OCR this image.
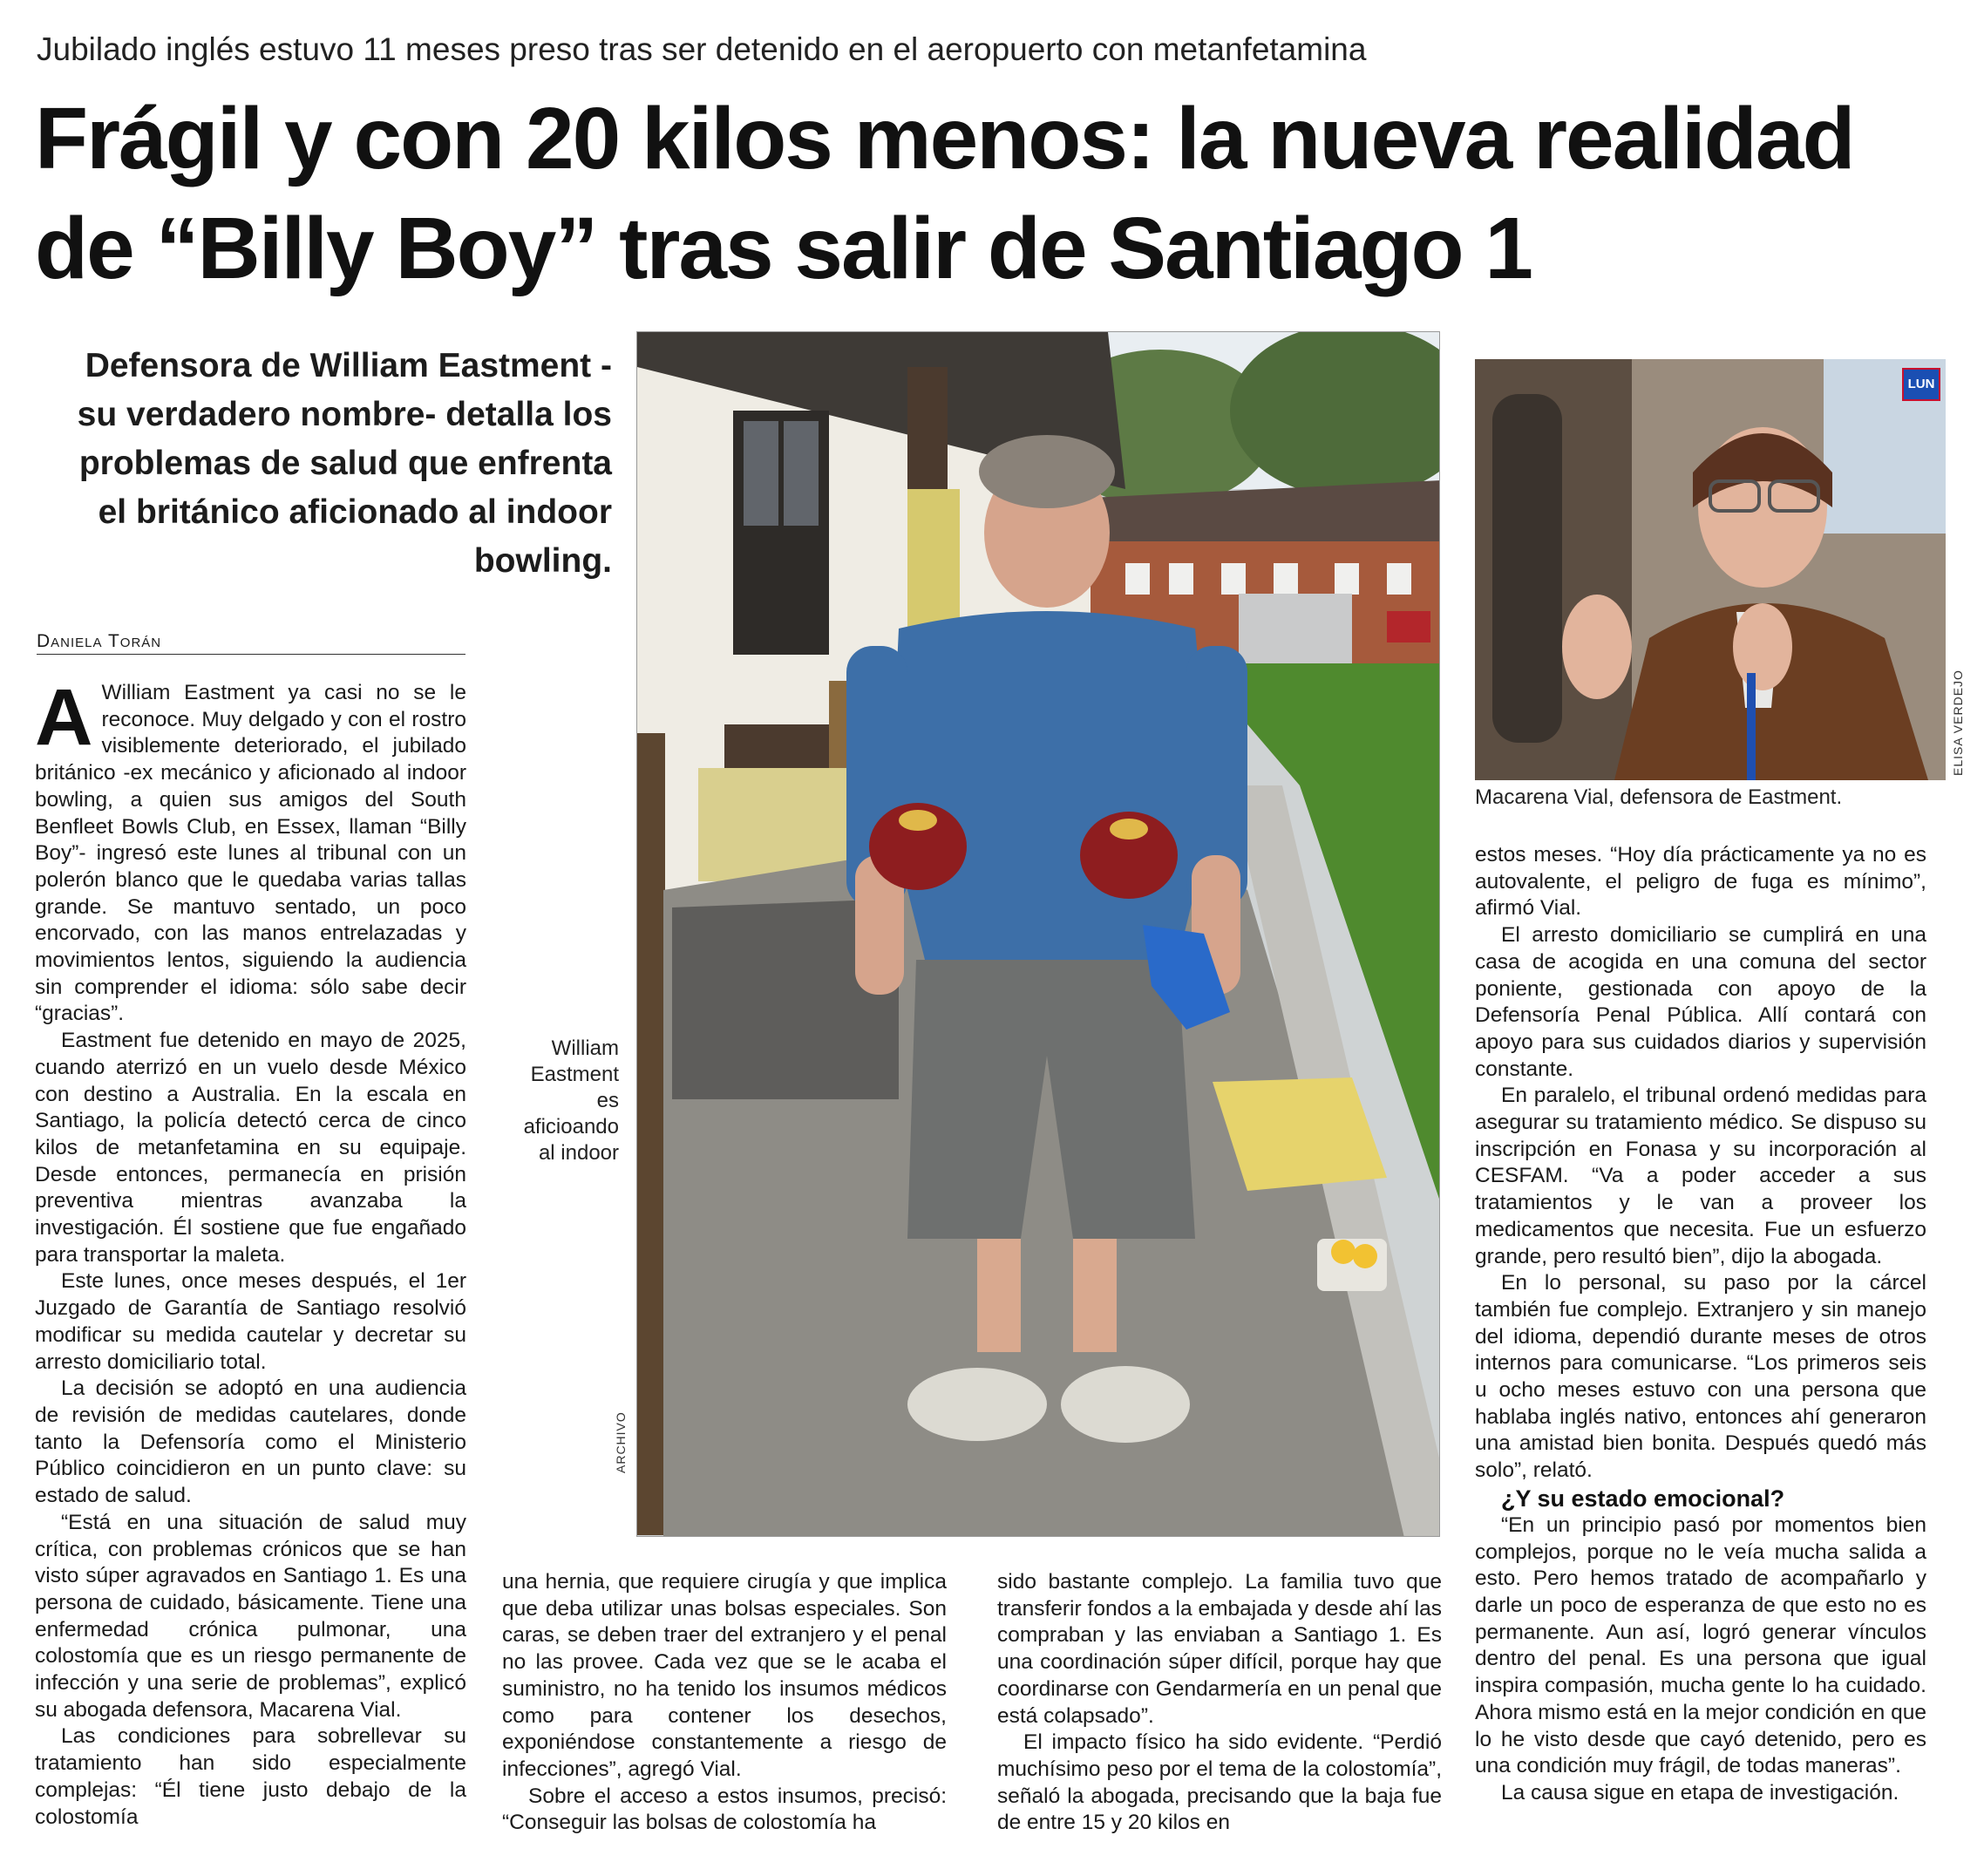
Jubilado inglés estuvo 11 meses preso tras ser detenido en el aeropuerto con metanfetamina
Frágil y con 20 kilos menos: la nueva realidad
de “Billy Boy” tras salir de Santiago 1
Defensora de William Eastment -su verdadero nombre- detalla los problemas de salud que enfrenta el británico aficionado al indoor bowling.
Daniela Torán

A William Eastment ya casi no se le reconoce. Muy delgado y con el rostro visiblemente deteriorado, el jubilado británico -ex mecánico y aficionado al indoor bowling, a quien sus amigos del South Benfleet Bowls Club, en Essex, llaman “Billy Boy”- ingresó este lunes al tribunal con un polerón blanco que le quedaba varias tallas grande. Se mantuvo sentado, un poco encorvado, con las manos entrelazadas y movimientos lentos, siguiendo la audiencia sin comprender el idioma: sólo sabe decir “gracias”.

Eastment fue detenido en mayo de 2025, cuando aterrizó en un vuelo desde México con destino a Australia. En la escala en Santiago, la policía detectó cerca de cinco kilos de metanfetamina en su equipaje. Desde entonces, permanecía en prisión preventiva mientras avanzaba la investigación. Él sostiene que fue engañado para transportar la maleta.

Este lunes, once meses después, el 1er Juzgado de Garantía de Santiago resolvió modificar su medida cautelar y decretar su arresto domiciliario total.

La decisión se adoptó en una audiencia de revisión de medidas cautelares, donde tanto la Defensoría como el Ministerio Público coincidieron en un punto clave: su estado de salud.

“Está en una situación de salud muy crítica, con problemas crónicos que se han visto súper agravados en Santiago 1. Es una persona de cuidado, básicamente. Tiene una enfermedad crónica pulmonar, una colostomía que es un riesgo permanente de infección y una serie de problemas”, explicó su abogada defensora, Macarena Vial.

Las condiciones para sobrellevar su tratamiento han sido especialmente complejas: “Él tiene justo debajo de la colostomía

ARCHIVO
William Eastment es aficioando al indoor
LUN
ELISA VERDEJO
Macarena Vial, defensora de Eastment.

una hernia, que requiere cirugía y que implica que deba utilizar unas bolsas especiales. Son caras, se deben traer del extranjero y el penal no las provee. Cada vez que se le acaba el suministro, no ha tenido los insumos médicos como para contener los desechos, exponiéndose constantemente a riesgo de infecciones”, agregó Vial.

Sobre el acceso a estos insumos, precisó: “Conseguir las bolsas de colostomía ha

sido bastante complejo. La familia tuvo que transferir fondos a la embajada y desde ahí las compraban y las enviaban a Santiago 1. Es una coordinación súper difícil, porque hay que coordinarse con Gendarmería en un penal que está colapsado”.

El impacto físico ha sido evidente. “Perdió muchísimo peso por el tema de la colostomía”, señaló la abogada, precisando que la baja fue de entre 15 y 20 kilos en

estos meses. “Hoy día prácticamente ya no es autovalente, el peligro de fuga es mínimo”, afirmó Vial.

El arresto domiciliario se cumplirá en una casa de acogida en una comuna del sector poniente, gestionada con apoyo de la Defensoría Penal Pública. Allí contará con apoyo para sus cuidados diarios y supervisión constante.

En paralelo, el tribunal ordenó medidas para asegurar su tratamiento médico. Se dispuso su inscripción en Fonasa y su incorporación al CESFAM. “Va a poder acceder a sus tratamientos y le van a proveer los medicamentos que necesita. Fue un esfuerzo grande, pero resultó bien”, dijo la abogada.

En lo personal, su paso por la cárcel también fue complejo. Extranjero y sin manejo del idioma, dependió durante meses de otros internos para comunicarse. “Los primeros seis u ocho meses estuvo con una persona que hablaba inglés nativo, entonces ahí generaron una amistad bien bonita. Después quedó más solo”, relató.

¿Y su estado emocional?

“En un principio pasó por momentos bien complejos, porque no le veía mucha salida a esto. Pero hemos tratado de acompañarlo y darle un poco de esperanza de que esto no es permanente. Aun así, logró generar vínculos dentro del penal. Es una persona que igual inspira compasión, mucha gente lo ha cuidado. Ahora mismo está en la mejor condición en que lo he visto desde que cayó detenido, pero es una condición muy frágil, de todas maneras”.

La causa sigue en etapa de investigación.
